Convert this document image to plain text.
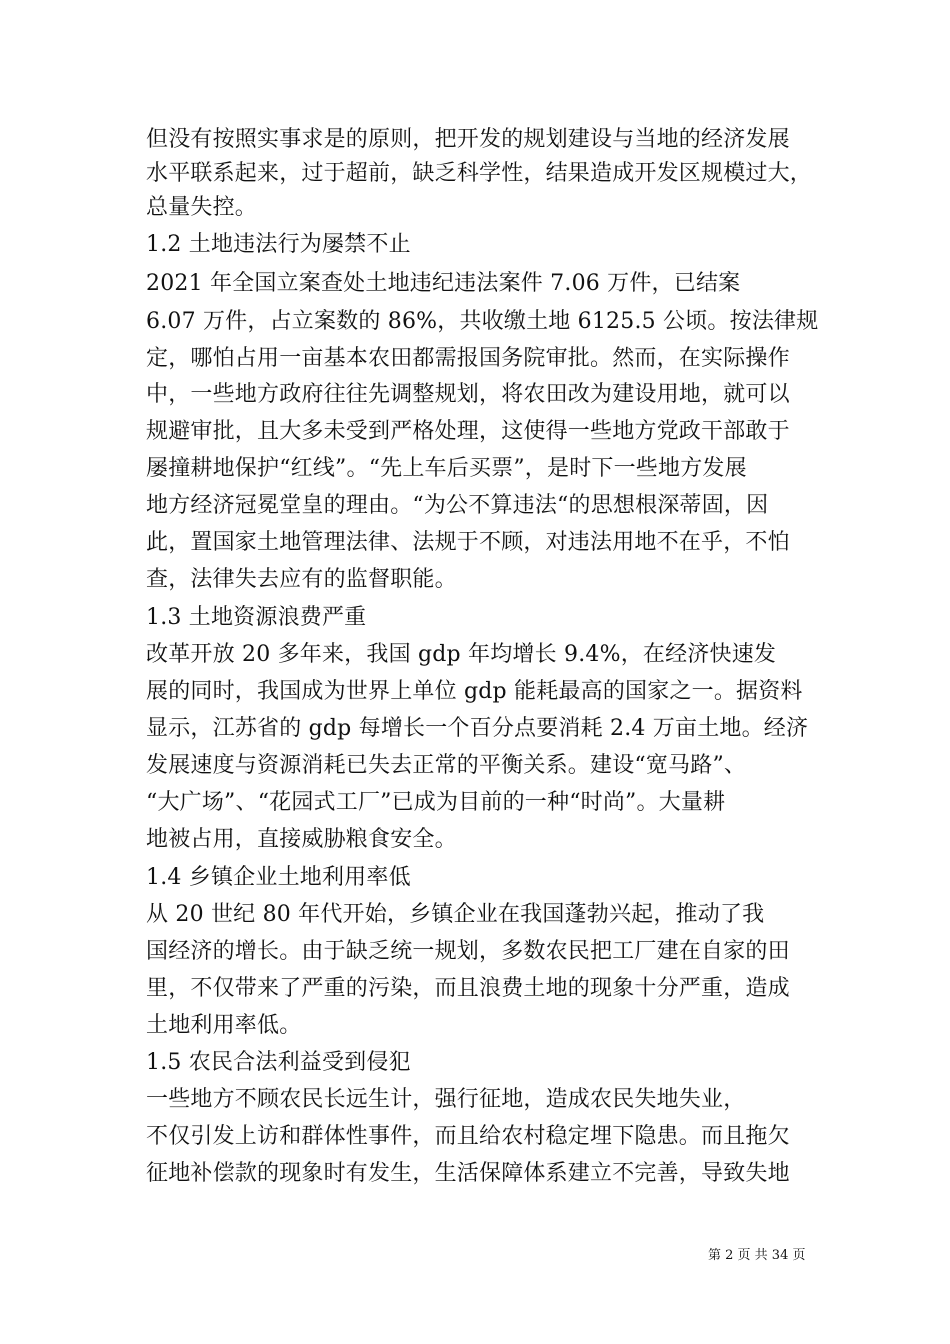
但没有按照实事求是的原则，把开发的规划建设与当地的经济发展
水平联系起来，过于超前，缺乏科学性，结果造成开发区规模过大，
总量失控。
1.2 土地违法行为屡禁不止
2021 年全国立案查处土地违纪违法案件 7.06 万件，已结案
6.07 万件，占立案数的 86%，共收缴土地 6125.5 公顷。按法律规
定，哪怕占用一亩基本农田都需报国务院审批。然而，在实际操作
中，一些地方政府往往先调整规划，将农田改为建设用地，就可以
规避审批，且大多未受到严格处理，这使得一些地方党政干部敢于
屡撞耕地保护“红线”。“先上车后买票”，是时下一些地方发展
地方经济冠冕堂皇的理由。“为公不算违法“的思想根深蒂固，因
此，置国家土地管理法律、法规于不顾，对违法用地不在乎，不怕
查，法律失去应有的监督职能。
1.3 土地资源浪费严重
改革开放 20 多年来，我国 gdp 年均增长 9.4%，在经济快速发
展的同时，我国成为世界上单位 gdp 能耗最高的国家之一。据资料
显示，江苏省的 gdp 每增长一个百分点要消耗 2.4 万亩土地。经济
发展速度与资源消耗已失去正常的平衡关系。建设“宽马路”、
“大广场”、“花园式工厂”已成为目前的一种“时尚”。大量耕
地被占用，直接威胁粮食安全。
1.4 乡镇企业土地利用率低
从 20 世纪 80 年代开始，乡镇企业在我国蓬勃兴起，推动了我
国经济的增长。由于缺乏统一规划，多数农民把工厂建在自家的田
里，不仅带来了严重的污染，而且浪费土地的现象十分严重，造成
土地利用率低。
1.5 农民合法利益受到侵犯
一些地方不顾农民长远生计，强行征地，造成农民失地失业，
不仅引发上访和群体性事件，而且给农村稳定埋下隐患。而且拖欠
征地补偿款的现象时有发生，生活保障体系建立不完善，导致失地
第 2 页 共 34 页
